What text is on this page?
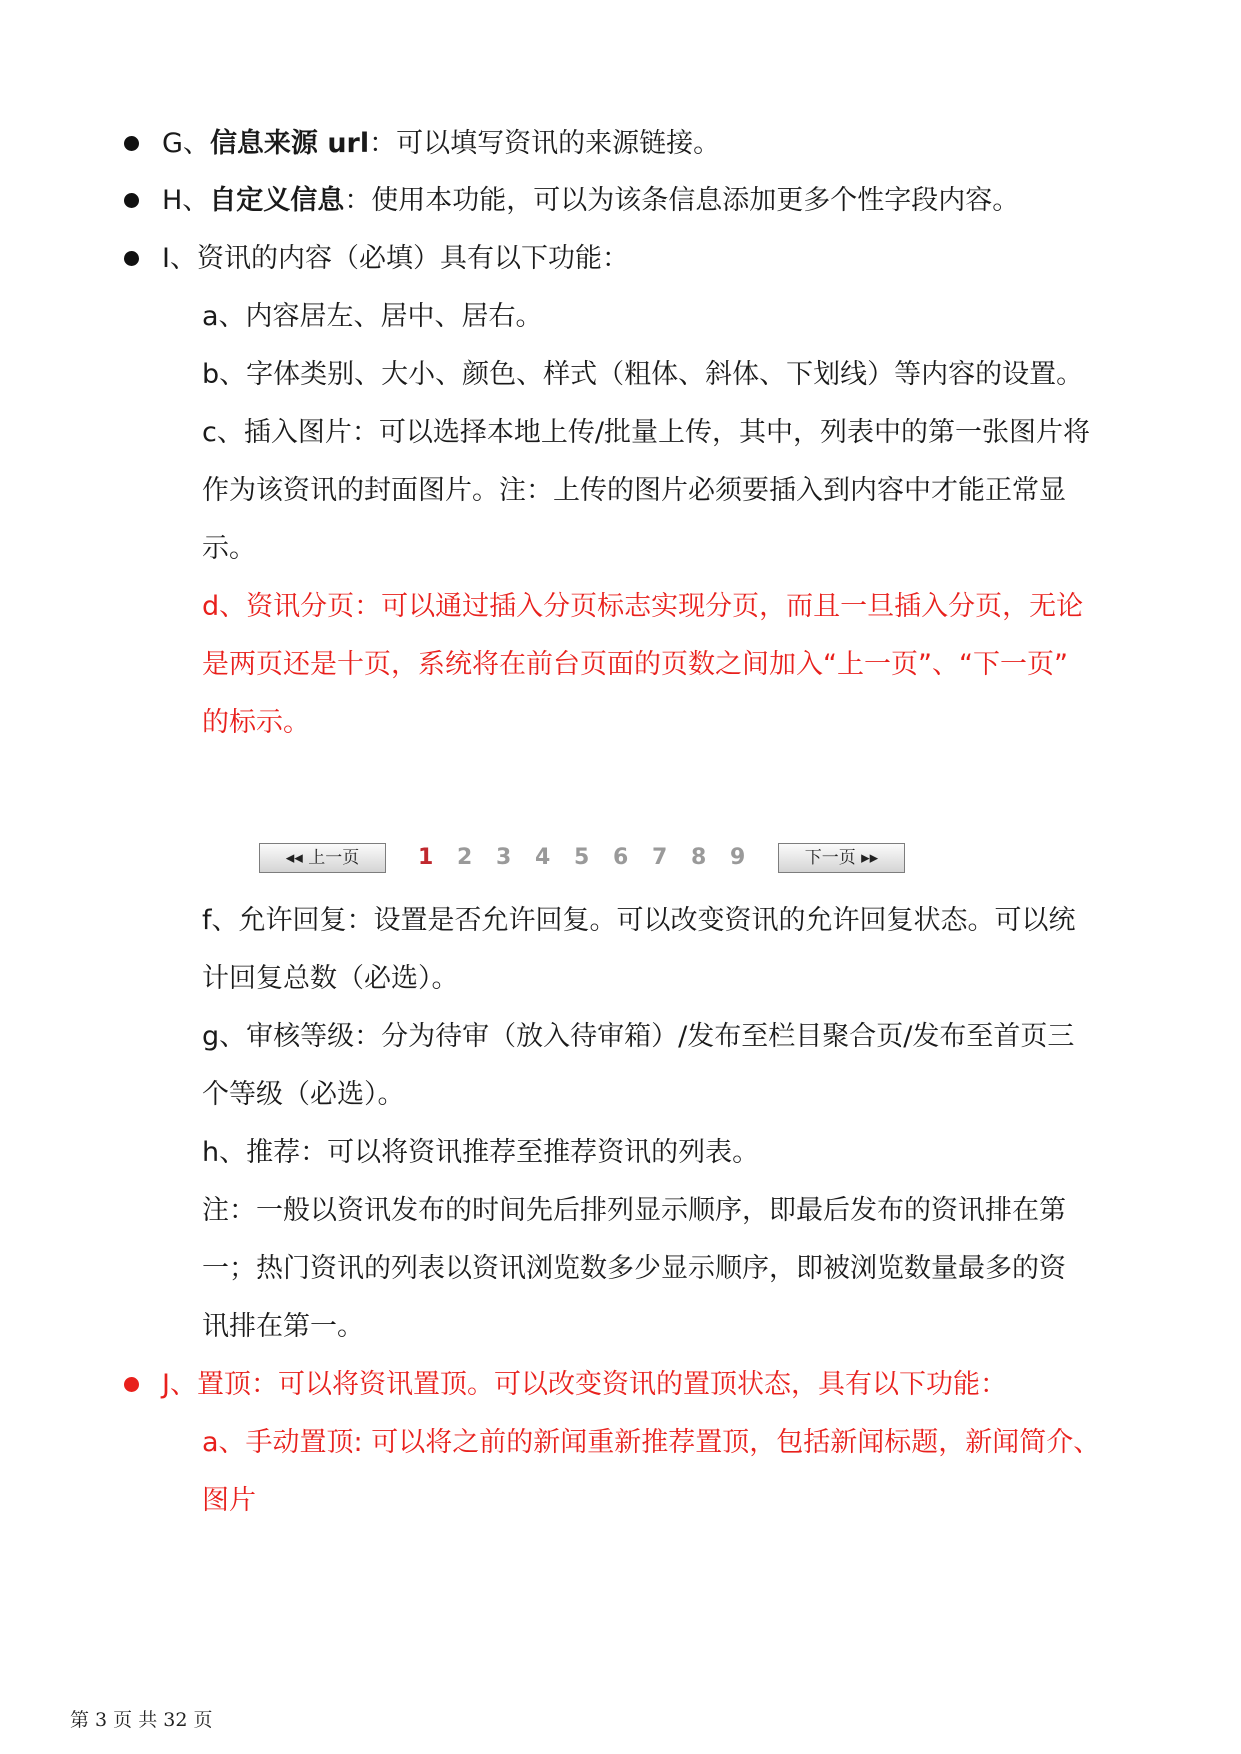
G、信息来源 url：可以填写资讯的来源链接。
H、自定义信息：使用本功能，可以为该条信息添加更多个性字段内容。
I、资讯的内容（必填）具有以下功能：
a、内容居左、居中、居右。
b、字体类别、大小、颜色、样式（粗体、斜体、下划线）等内容的设置。
c、插入图片：可以选择本地上传/批量上传，其中，列表中的第一张图片将
作为该资讯的封面图片。注：上传的图片必须要插入到内容中才能正常显
示。
d、资讯分页：可以通过插入分页标志实现分页，而且一旦插入分页，无论
是两页还是十页，系统将在前台页面的页数之间加入“上一页”、“下一页”
的标示。
◂◂ 上一页	1 2 3 4 5 6 7 8 9	下一页 ▸▸
f、允许回复：设置是否允许回复。可以改变资讯的允许回复状态。可以统
计回复总数（必选）。
g、审核等级：分为待审（放入待审箱）/发布至栏目聚合页/发布至首页三
个等级（必选）。
h、推荐：可以将资讯推荐至推荐资讯的列表。
注：一般以资讯发布的时间先后排列显示顺序，即最后发布的资讯排在第
一；热门资讯的列表以资讯浏览数多少显示顺序，即被浏览数量最多的资
讯排在第一。
J、置顶：可以将资讯置顶。可以改变资讯的置顶状态，具有以下功能：
a、手动置顶: 可以将之前的新闻重新推荐置顶，包括新闻标题，新闻简介、
图片
第 3 页 共 32 页
